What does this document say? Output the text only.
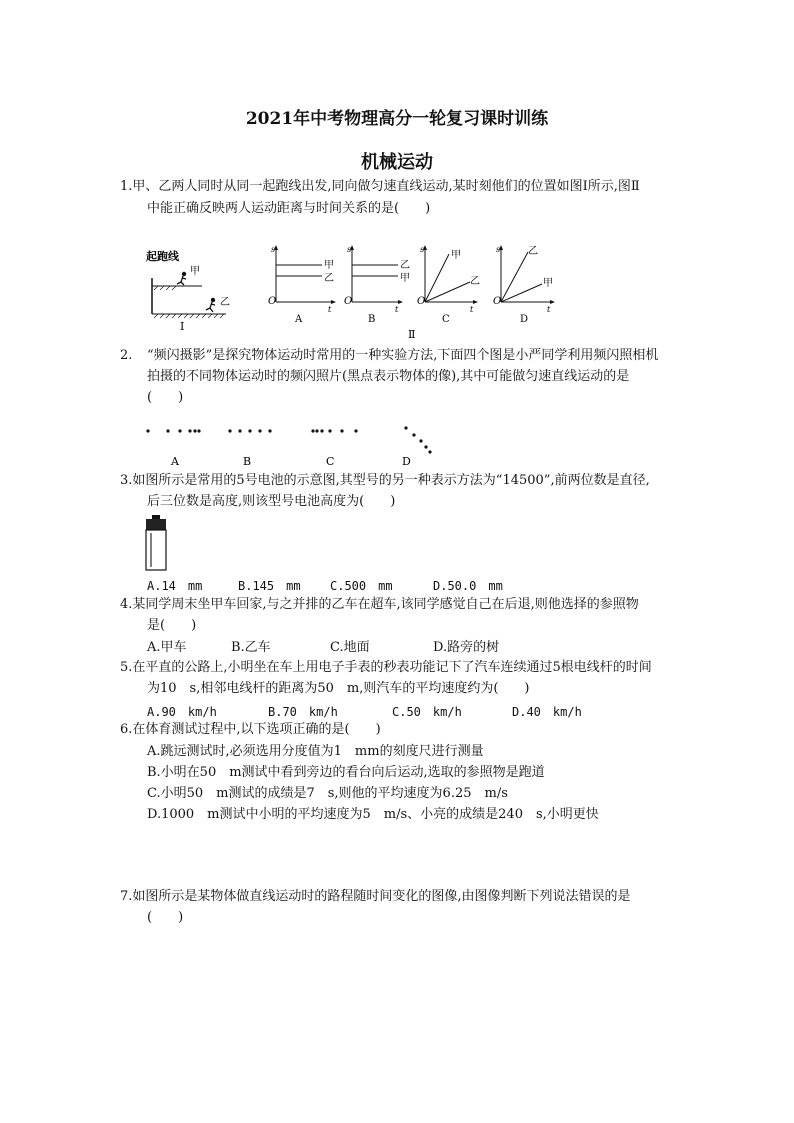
2021年中考物理高分一轮复习课时训练
机械运动
1.甲、乙两人同时从同一起跑线出发,同向做匀速直线运动,某时刻他们的位置如图Ⅰ所示,图Ⅱ
中能正确反映两人运动距离与时间关系的是(　　)
起跑线
甲
乙
Ⅰ
s
t
O
甲
乙
A
s
t
O
乙
甲
B
s
t
O
甲
乙
C
s
t
O
乙
甲
D
Ⅱ
2. “频闪摄影”是探究物体运动时常用的一种实验方法,下面四个图是小严同学利用频闪照相机
拍摄的不同物体运动时的频闪照片(黑点表示物体的像),其中可能做匀速直线运动的是
(　　)
A	B	C	D
3.如图所示是常用的5号电池的示意图,其型号的另一种表示方法为“14500”,前两位数是直径,
后三位数是高度,则该型号电池高度为(　　)
A.14　mm	B.145　mm C.500　mm	D.50.0　mm
4.某同学周末坐甲车回家,与之并排的乙车在超车,该同学感觉自己在后退,则他选择的参照物
是(　　)
A.甲车	B.乙车	C.地面	D.路旁的树
5.在平直的公路上,小明坐在车上用电子手表的秒表功能记下了汽车连续通过5根电线杆的时间
为10　s,相邻电线杆的距离为50　m,则汽车的平均速度约为(　　)
A.90　km/h	B.70　km/h	C.50　km/h	D.40　km/h
6.在体育测试过程中,以下选项正确的是(　　)
A.跳远测试时,必须选用分度值为1　mm的刻度尺进行测量
B.小明在50　m测试中看到旁边的看台向后运动,选取的参照物是跑道
C.小明50　m测试的成绩是7　s,则他的平均速度为6.25　m/s
D.1000　m测试中小明的平均速度为5　m/s、小亮的成绩是240　s,小明更快
7.如图所示是某物体做直线运动时的路程随时间变化的图像,由图像判断下列说法错误的是
(　　)
